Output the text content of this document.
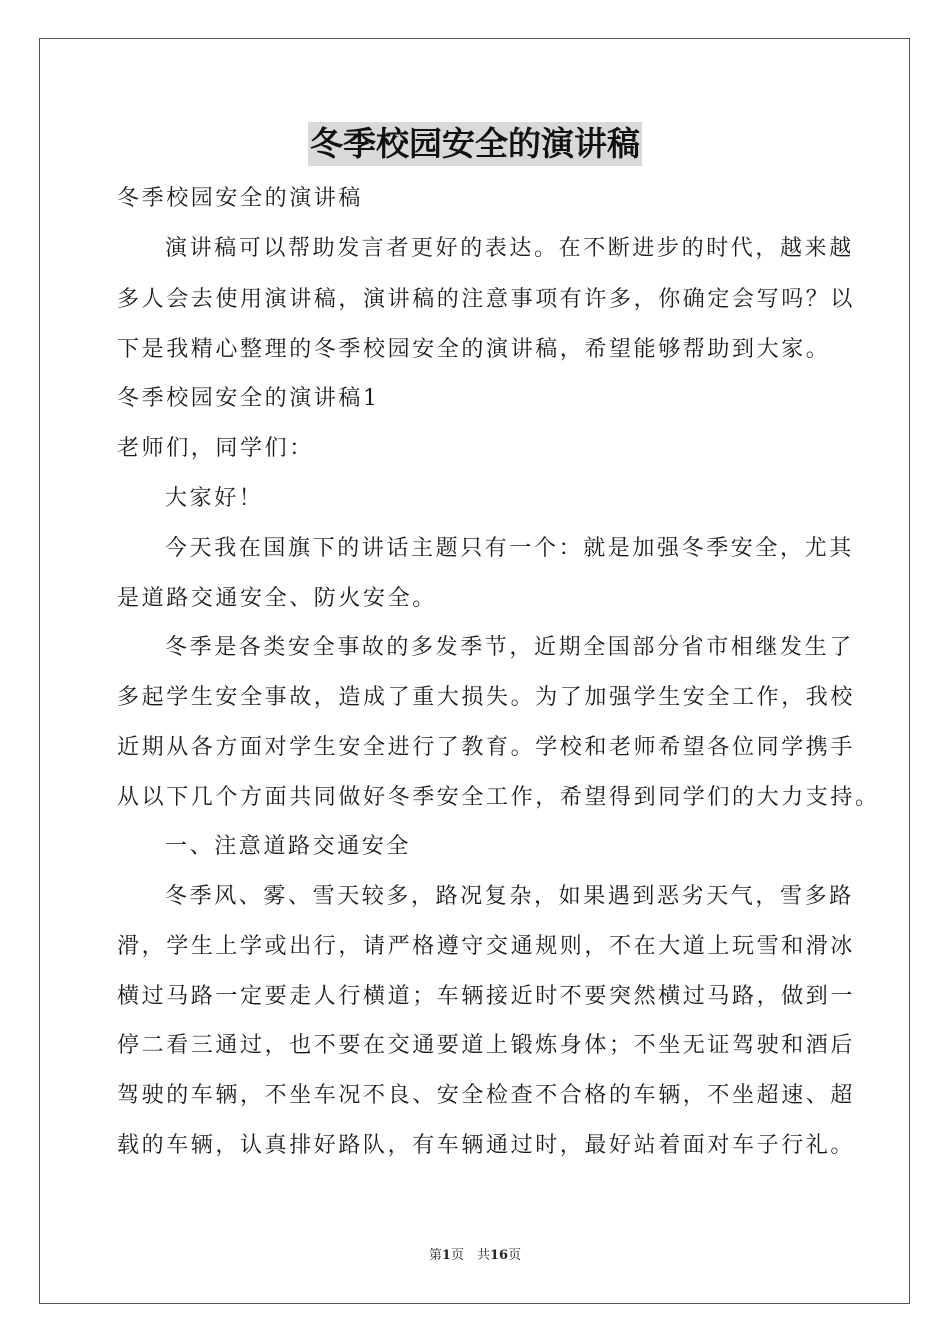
冬季校园安全的演讲稿
冬季校园安全的演讲稿
演讲稿可以帮助发言者更好的表达。在不断进步的时代，越来越
多人会去使用演讲稿，演讲稿的注意事项有许多，你确定会写吗？以
下是我精心整理的冬季校园安全的演讲稿，希望能够帮助到大家。
冬季校园安全的演讲稿1
老师们，同学们：
大家好！
今天我在国旗下的讲话主题只有一个：就是加强冬季安全，尤其
是道路交通安全、防火安全。
冬季是各类安全事故的多发季节，近期全国部分省市相继发生了
多起学生安全事故，造成了重大损失。为了加强学生安全工作，我校
近期从各方面对学生安全进行了教育。学校和老师希望各位同学携手
从以下几个方面共同做好冬季安全工作，希望得到同学们的大力支持。
一、注意道路交通安全
冬季风、雾、雪天较多，路况复杂，如果遇到恶劣天气，雪多路
滑，学生上学或出行，请严格遵守交通规则，不在大道上玩雪和滑冰
横过马路一定要走人行横道；车辆接近时不要突然横过马路，做到一
停二看三通过，也不要在交通要道上锻炼身体；不坐无证驾驶和酒后
驾驶的车辆，不坐车况不良、安全检查不合格的车辆，不坐超速、超
载的车辆，认真排好路队，有车辆通过时，最好站着面对车子行礼。
第1页　共16页
